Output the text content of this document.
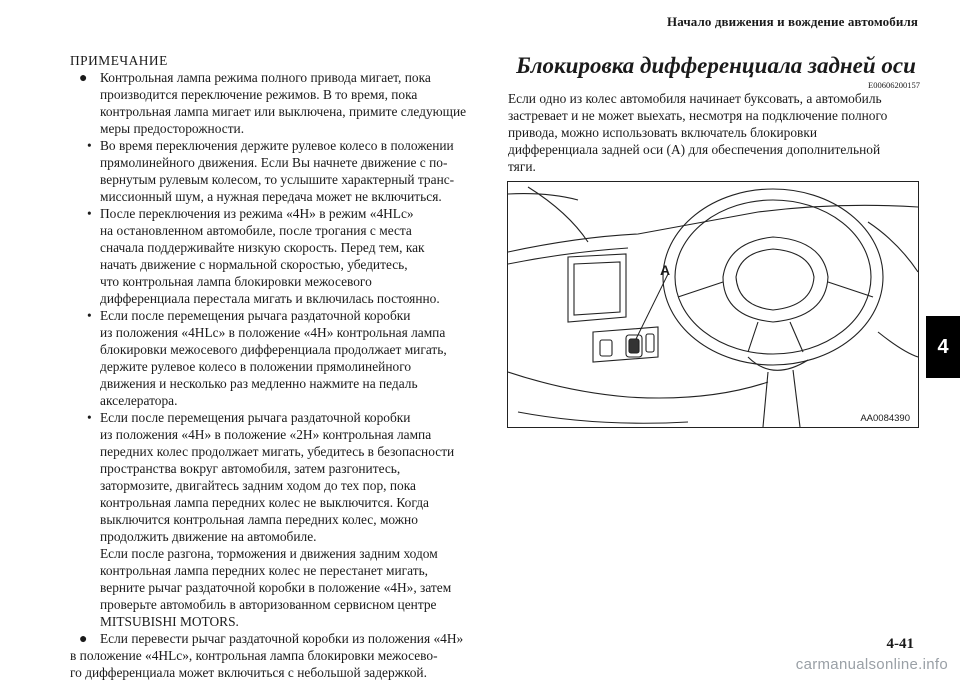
Начало движения и вождение автомобиля
ПРИМЕЧАНИЕ
● Контрольная лампа режима полного привода мигает, пока
производится переключение режимов. В то время, пока
контрольная лампа мигает или выключена, примите следующие
меры предосторожности.
• Во время переключения держите рулевое колесо в положении
прямолинейного движения. Если Вы начнете движение с по-
вернутым рулевым колесом, то услышите характерный транс-
миссионный шум, а нужная передача может не включиться.
• После переключения из режима «4H» в режим «4HLc»
на остановленном автомобиле, после трогания с места
сначала поддерживайте низкую скорость. Перед тем, как
начать движение с нормальной скоростью, убедитесь,
что контрольная лампа блокировки межосевого
дифференциала перестала мигать и включилась постоянно.
• Если после перемещения рычага раздаточной коробки
из положения «4HLc» в положение «4H» контрольная лампа
блокировки межосевого дифференциала продолжает мигать,
держите рулевое колесо в положении прямолинейного
движения и несколько раз медленно нажмите на педаль
акселератора.
• Если после перемещения рычага раздаточной коробки
из положения «4H» в положение «2H» контрольная лампа
передних колес продолжает мигать, убедитесь в безопасности
пространства вокруг автомобиля, затем разгонитесь,
затормозите, двигайтесь задним ходом до тех пор, пока
контрольная лампа передних колес не выключится. Когда
выключится контрольная лампа передних колес, можно
продолжить движение на автомобиле.
Если после разгона, торможения и движения задним ходом
контрольная лампа передних колес не перестанет мигать,
верните рычаг раздаточной коробки в положение «4H», затем
проверьте автомобиль в авторизованном сервисном центре
MITSUBISHI MOTORS.
● Если перевести рычаг раздаточной коробки из положения «4H»
в положение «4HLc», контрольная лампа блокировки межосево-
го дифференциала может включиться с небольшой задержкой.
Блокировка дифференциала задней оси
E00606200157
Если одно из колес автомобиля начинает буксовать, а автомобиль
застревает и не может выехать, несмотря на подключение полного
привода, можно использовать включатель блокировки
дифференциала задней оси (A) для обеспечения дополнительной
тяги.
A
AA0084390
4
4-41
carmanualsonline.info
